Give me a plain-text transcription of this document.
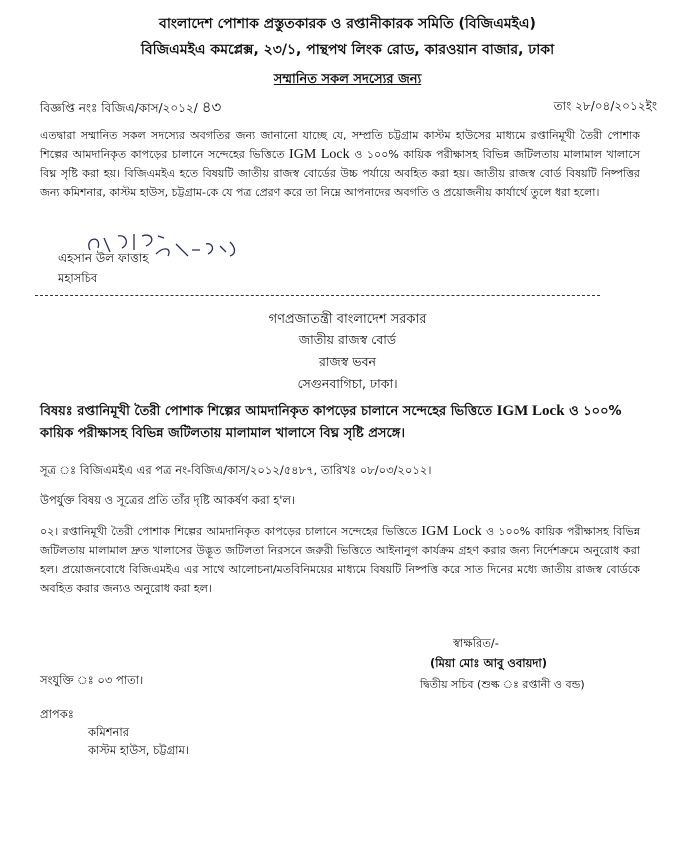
বাংলাদেশ পোশাক প্রস্তুতকারক ও রপ্তানীকারক সমিতি (বিজিএমইএ)
বিজিএমইএ কমপ্লেক্স, ২৩/১, পান্থপথ লিংক রোড, কারওয়ান বাজার, ঢাকা
সম্মানিত সকল সদস্যের জন্য
বিজ্ঞপ্তি নংঃ বিজিএ/কাস/২০১২/ ৪৩	তাং ২৮/০৪/২০১২ইং
এতদ্বারা সম্মানিত সকল সদস্যের অবগতির জন্য জানানো যাচ্ছে যে, সম্প্রতি চট্টগ্রাম কাস্টম হাউসের মাধ্যমে রপ্তানিমূখী তৈরী পোশাক শিল্পের আমদানিকৃত কাপড়ের চালানে সন্দেহের ভিত্তিতে IGM Lock ও ১০০% কায়িক পরীক্ষাসহ বিভিন্ন জটিলতায় মালামাল খালাসে বিঘ্ন সৃষ্টি করা হয়। বিজিএমইএ হতে বিষয়টি জাতীয় রাজস্ব বোর্ডের উচ্চ পর্যায়ে অবহিত করা হয়। জাতীয় রাজস্ব বোর্ড বিষয়টি নিষ্পত্তির জন্য কমিশনার, কাস্টম হাউস, চট্টগ্রাম-কে যে পত্র প্রেরণ করে তা নিম্নে আপনাদের অবগতি ও প্রয়োজনীয় কার্যার্থে তুলে ধরা হলো।
এহসান উল ফাত্তাহ
মহাসচিব
গণপ্রজাতন্ত্রী বাংলাদেশ সরকার
জাতীয় রাজস্ব বোর্ড
রাজস্ব ভবন
সেগুনবাগিচা, ঢাকা।
বিষয়ঃ রপ্তানিমূখী তৈরী পোশাক শিল্পের আমদানিকৃত কাপড়ের চালানে সন্দেহের ভিত্তিতে IGM Lock ও ১০০% কায়িক পরীক্ষাসহ বিভিন্ন জটিলতায় মালামাল খালাসে বিঘ্ন সৃষ্টি প্রসঙ্গে।
সূত্র ঃ বিজিএমইএ এর পত্র নং-বিজিএ/কাস/২০১২/৫৪৮৭, তারিখঃ ০৮/০৩/২০১২।
উপর্যুক্ত বিষয় ও সূত্রের প্রতি তাঁর দৃষ্টি আকর্ষণ করা হ'ল।
০২। রপ্তানিমূখী তৈরী পোশাক শিল্পের আমদানিকৃত কাপড়ের চালানে সন্দেহের ভিত্তিতে IGM Lock ও ১০০% কায়িক পরীক্ষাসহ বিভিন্ন জটিলতায় মালামাল দ্রুত খালাসের উদ্ভূত জটিলতা নিরসনে জরুরী ভিত্তিতে আইনানুগ কার্যক্রম গ্রহণ করার জন্য নির্দেশক্রমে অনুরোধ করা হল। প্রয়োজনবোধে বিজিএমইএ এর সাথে আলোচনা/মতবিনিময়ের মাধ্যমে বিষয়টি নিষ্পত্তি করে সাত দিনের মধ্যে জাতীয় রাজস্ব বোর্ডকে অবহিত করার জন্যও অনুরোধ করা হল।
স্বাক্ষরিত/-
(মিয়া মোঃ আবু ওবায়দা)
দ্বিতীয় সচিব (শুল্ক ঃ রপ্তানী ও বন্ড)
সংযুক্তি ঃ ০৩ পাতা।
প্রাপকঃ
কমিশনার
কাস্টম হাউস, চট্টগ্রাম।
